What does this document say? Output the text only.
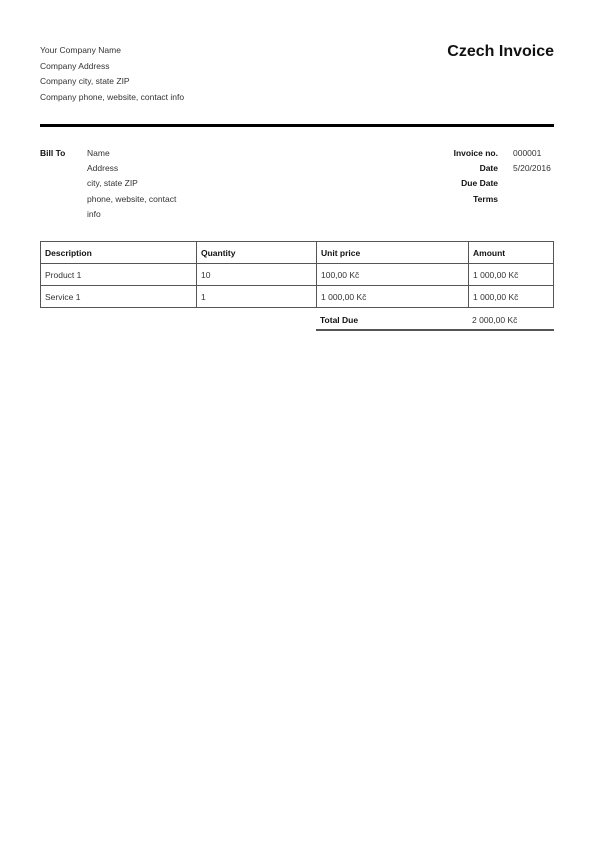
Your Company Name
Company Address
Company city, state ZIP
Company phone, website, contact info
Czech Invoice
Bill To	Name
Address
city, state ZIP
phone, website, contact
info
Invoice no. 000001
Date 5/20/2016
Due Date
Terms
Description	Quantity	Unit price	Amount
Product 1	10	100,00 Kč	1 000,00 Kč
Service 1	1	1 000,00 Kč	1 000,00 Kč
Total Due	2 000,00 Kč
